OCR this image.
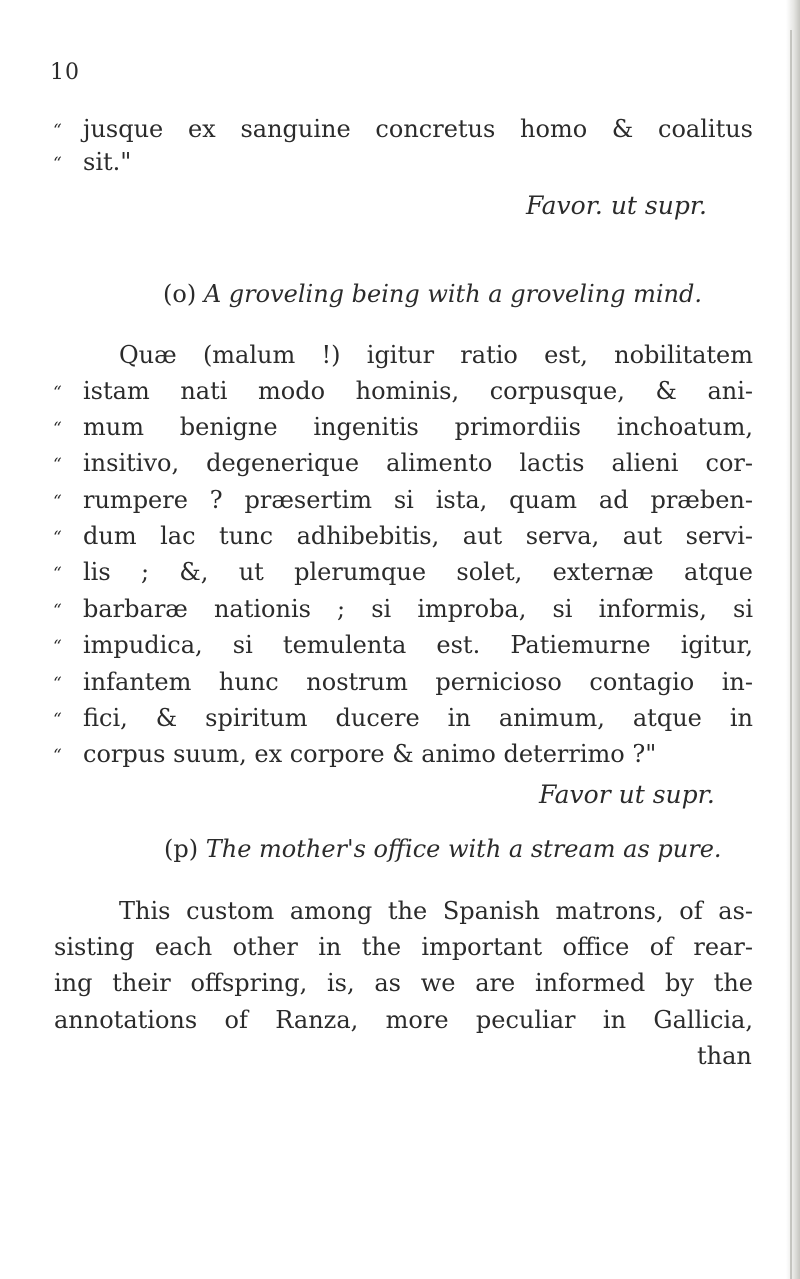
10
“ jusque ex sanguine concretus homo & coalitus
“ sit."
Favor. ut supr.
(o) A groveling being with a groveling mind.
Quæ (malum !) igitur ratio est, nobilitatem
“ istam nati modo hominis, corpusque, & ani-
“ mum benigne ingenitis primordiis inchoatum,
“ insitivo, degenerique alimento lactis alieni cor-
“ rumpere ? præsertim si ista, quam ad præben-
“ dum lac tunc adhibebitis, aut serva, aut servi-
“ lis ; &, ut plerumque solet, externæ atque
“ barbaræ nationis ; si improba, si informis, si
“ impudica, si temulenta est. Patiemurne igitur,
“ infantem hunc nostrum pernicioso contagio in-
“ fici, & spiritum ducere in animum, atque in
“ corpus suum, ex corpore & animo deterrimo ?"
Favor ut supr.
(p) The mother's office with a stream as pure.
This custom among the Spanish matrons, of as-
sisting each other in the important office of rear-
ing their offspring, is, as we are informed by the
annotations of Ranza, more peculiar in Gallicia,
than
